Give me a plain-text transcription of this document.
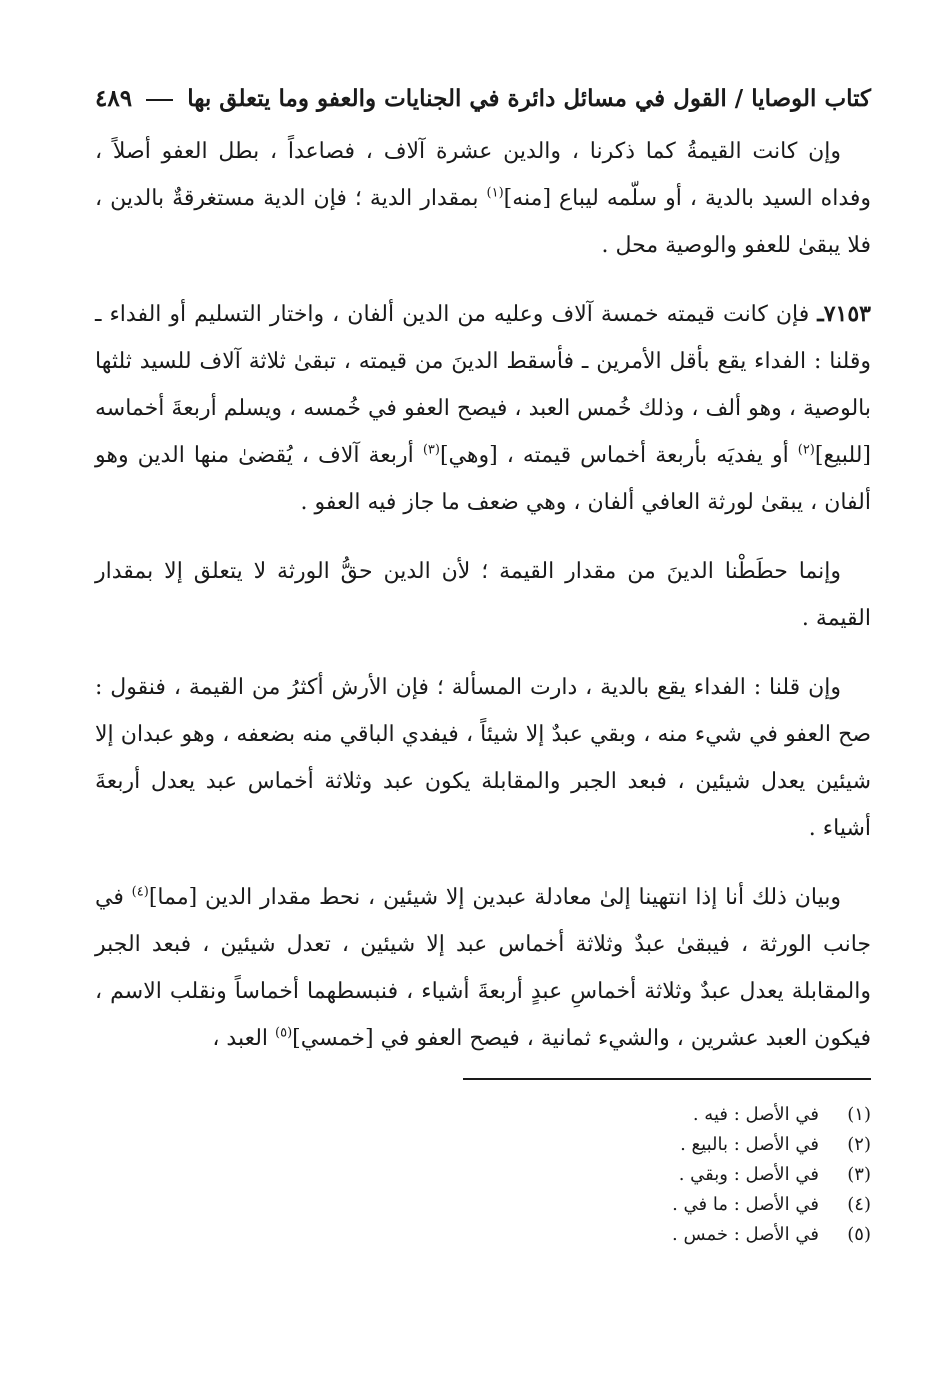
كتاب الوصايا / القول في مسائل دائرة في الجنايات والعفو وما يتعلق بها
٤٨٩

وإن كانت القيمةُ كما ذكرنا ، والدين عشرة آلاف ، فصاعداً ، بطل العفو أصلاً ، وفداه السيد بالدية ، أو سلّمه ليباع [منه]$^{(١)}$ بمقدار الدية ؛ فإن الدية مستغرقةٌ بالدين ، فلا يبقىٰ للعفو والوصية محل .

٧١٥٣ـ فإن كانت قيمته خمسة آلاف وعليه من الدين ألفان ، واختار التسليم أو الفداء ـ وقلنا : الفداء يقع بأقل الأمرين ـ فأسقط الدينَ من قيمته ، تبقىٰ ثلاثة آلاف للسيد ثلثها بالوصية ، وهو ألف ، وذلك خُمس العبد ، فيصح العفو في خُمسه ، ويسلم أربعةَ أخماسه [للبيع]$^{(٢)}$ أو يفديَه بأربعة أخماس قيمته ، [وهي]$^{(٣)}$ أربعة آلاف ، يُقضىٰ منها الدين وهو ألفان ، يبقىٰ لورثة العافي ألفان ، وهي ضعف ما جاز فيه العفو .

وإنما حطَطْنا الدينَ من مقدار القيمة ؛ لأن الدين حقُّ الورثة لا يتعلق إلا بمقدار القيمة .

وإن قلنا : الفداء يقع بالدية ، دارت المسألة ؛ فإن الأرش أكثرُ من القيمة ، فنقول : صح العفو في شيء منه ، وبقي عبدٌ إلا شيئاً ، فيفدي الباقي منه بضعفه ، وهو عبدان إلا شيئين يعدل شيئين ، فبعد الجبر والمقابلة يكون عبد وثلاثة أخماس عبد يعدل أربعةَ أشياء .

وبيان ذلك أنا إذا انتهينا إلىٰ معادلة عبدين إلا شيئين ، نحط مقدار الدين [مما]$^{(٤)}$ في جانب الورثة ، فيبقىٰ عبدٌ وثلاثة أخماس عبد إلا شيئين ، تعدل شيئين ، فبعد الجبر والمقابلة يعدل عبدٌ وثلاثة أخماسِ عبدٍ أربعةَ أشياء ، فنبسطهما أخماساً ونقلب الاسم ، فيكون العبد عشرين ، والشيء ثمانية ، فيصح العفو في [خمسي]$^{(٥)}$ العبد ،

(١)
في الأصل : فيه .
(٢)
في الأصل : بالبيع .
(٣)
في الأصل : وبقي .
(٤)
في الأصل : ما في .
(٥)
في الأصل : خمس .
